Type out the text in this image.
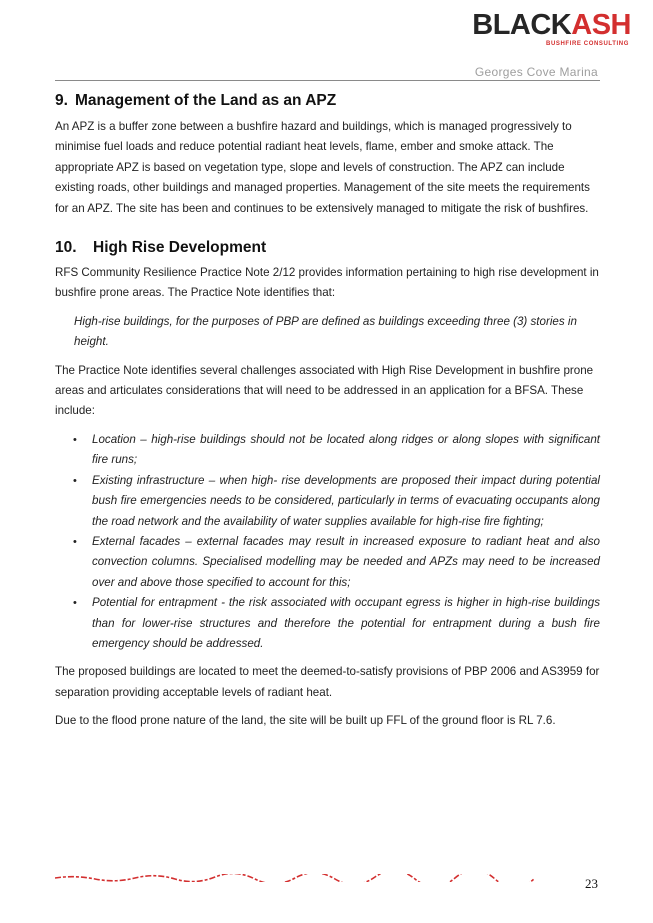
BLACKASH
BUSHFIRE CONSULTING
Georges Cove Marina
9. Management of the Land as an APZ

An APZ is a buffer zone between a bushfire hazard and buildings, which is managed progressively to minimise fuel loads and reduce potential radiant heat levels, flame, ember and smoke attack. The appropriate APZ is based on vegetation type, slope and levels of construction. The APZ can include existing roads, other buildings and managed properties. Management of the site meets the requirements for an APZ. The site has been and continues to be extensively managed to mitigate the risk of bushfires.

10. High Rise Development

RFS Community Resilience Practice Note 2/12 provides information pertaining to high rise development in bushfire prone areas. The Practice Note identifies that:

High-rise buildings, for the purposes of PBP are defined as buildings exceeding three (3) stories in height.

The Practice Note identifies several challenges associated with High Rise Development in bushfire prone areas and articulates considerations that will need to be addressed in an application for a BFSA. These include:

•
Location – high-rise buildings should not be located along ridges or along slopes with significant fire runs;
•
Existing infrastructure – when high- rise developments are proposed their impact during potential bush fire emergencies needs to be considered, particularly in terms of evacuating occupants along the road network and the availability of water supplies available for high-rise fire fighting;
•
External facades – external facades may result in increased exposure to radiant heat and also convection columns. Specialised modelling may be needed and APZs may need to be increased over and above those specified to account for this;
•
Potential for entrapment - the risk associated with occupant egress is higher in high-rise buildings than for lower-rise structures and therefore the potential for entrapment during a bush fire emergency should be addressed.

The proposed buildings are located to meet the deemed-to-satisfy provisions of PBP 2006 and AS3959 for separation providing acceptable levels of radiant heat.

Due to the flood prone nature of the land, the site will be built up FFL of the ground floor is RL 7.6.

23
